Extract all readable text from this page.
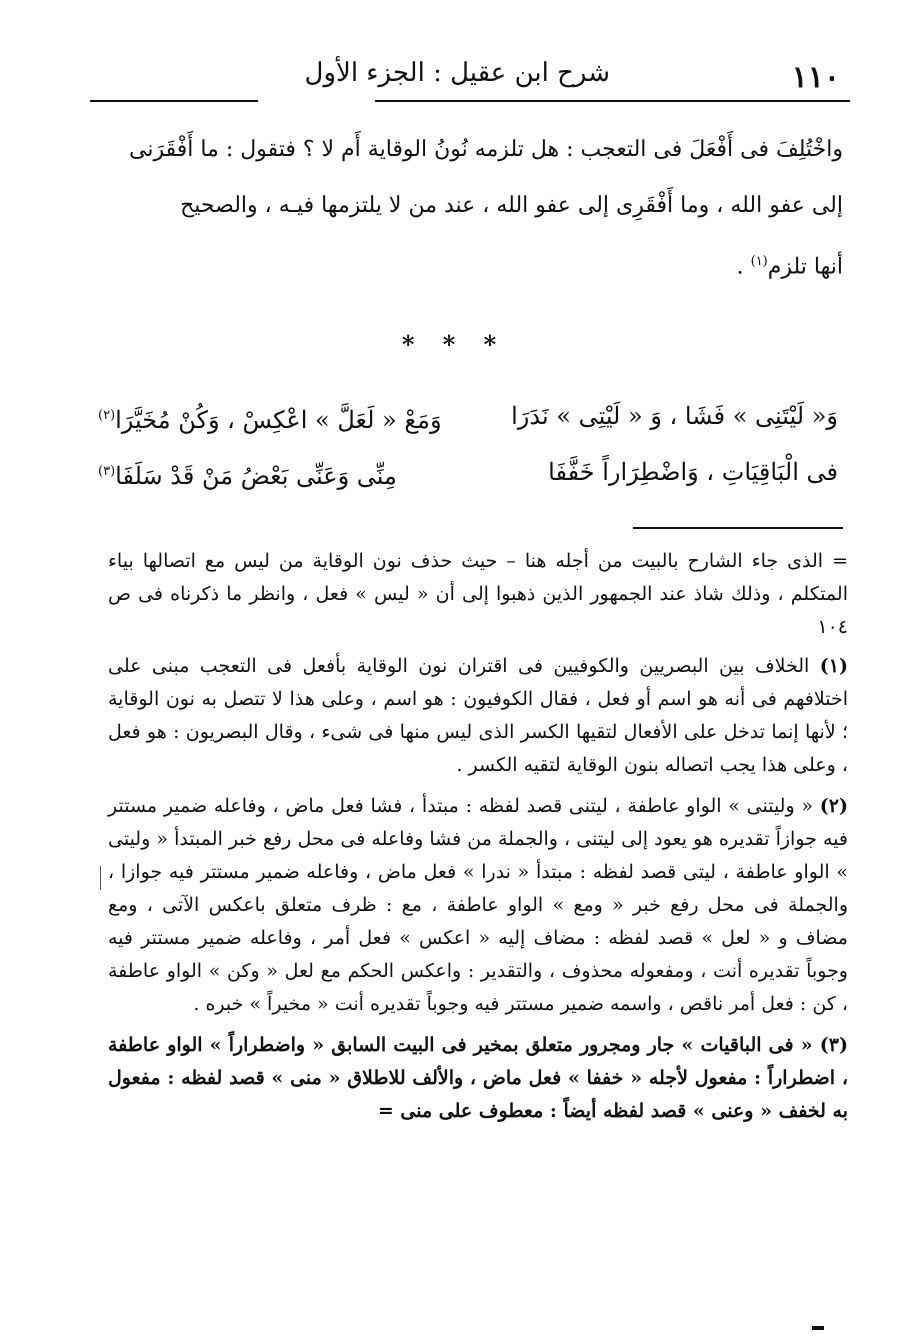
١١٠
شرح ابن عقيل : الجزء الأول

واخْتُلِفَ فى أَفْعَلَ فى التعجب : هل تلزمه نُونُ الوقاية أَم لا ؟ فتقول : ما أَفْقَرَنى

إلى عفو الله ، وما أَفْقَرِى إلى عفو الله ، عند من لا يلتزمها فيـه ، والصحيح

أنها تلزم$^{(١)}$ .

* * *
وَ« لَيْتَنِى » فَشَا ، وَ « لَيْتِى » نَدَرَا
وَمَعْ « لَعَلَّ » اعْكِسْ ، وَكُنْ مُخَيَّرَا$^{(٢)}$
فى الْبَاقِيَاتِ ، وَاضْطِرَاراً خَفَّفَا
مِنِّى وَعَنِّى بَعْضُ مَنْ قَدْ سَلَفَا$^{(٣)}$

= الذى جاء الشارح بالبيت من أجله هنا – حيث حذف نون الوقاية من ليس مع اتصالها بياء المتكلم ، وذلك شاذ عند الجمهور الذين ذهبوا إلى أن « ليس » فعل ، وانظر ما ذكرناه فى ص ١٠٤

(١) الخلاف بين البصريين والكوفيين فى اقتران نون الوقاية بأفعل فى التعجب مبنى على اختلافهم فى أنه هو اسم أو فعل ، فقال الكوفيون : هو اسم ، وعلى هذا لا تتصل به نون الوقاية ؛ لأنها إنما تدخل على الأفعال لتقيها الكسر الذى ليس منها فى شىء ، وقال البصريون : هو فعل ، وعلى هذا يجب اتصاله بنون الوقاية لتقيه الكسر .

(٢) « وليتنى » الواو عاطفة ، ليتنى قصد لفظه : مبتدأ ، فشا فعل ماض ، وفاعله ضمير مستتر فيه جوازاً تقديره هو يعود إلى ليتنى ، والجملة من فشا وفاعله فى محل رفع خبر المبتدأ « وليتى » الواو عاطفة ، ليتى قصد لفظه : مبتدأ « ندرا » فعل ماض ، وفاعله ضمير مستتر فيه جوازا ، والجملة فى محل رفع خبر « ومع » الواو عاطفة ، مع : ظرف متعلق باعكس الآتى ، ومع مضاف و « لعل » قصد لفظه : مضاف إليه « اعكس » فعل أمر ، وفاعله ضمير مستتر فيه وجوباً تقديره أنت ، ومفعوله محذوف ، والتقدير : واعكس الحكم مع لعل « وكن » الواو عاطفة ، كن : فعل أمر ناقص ، واسمه ضمير مستتر فيه وجوباً تقديره أنت « مخيراً » خبره .

(٣) « فى الباقيات » جار ومجرور متعلق بمخير فى البيت السابق « واضطراراً » الواو عاطفة ، اضطراراً : مفعول لأجله « خففا » فعل ماض ، والألف للاطلاق « منى » قصد لفظه : مفعول به لخفف « وعنى » قصد لفظه أيضاً : معطوف على منى =
